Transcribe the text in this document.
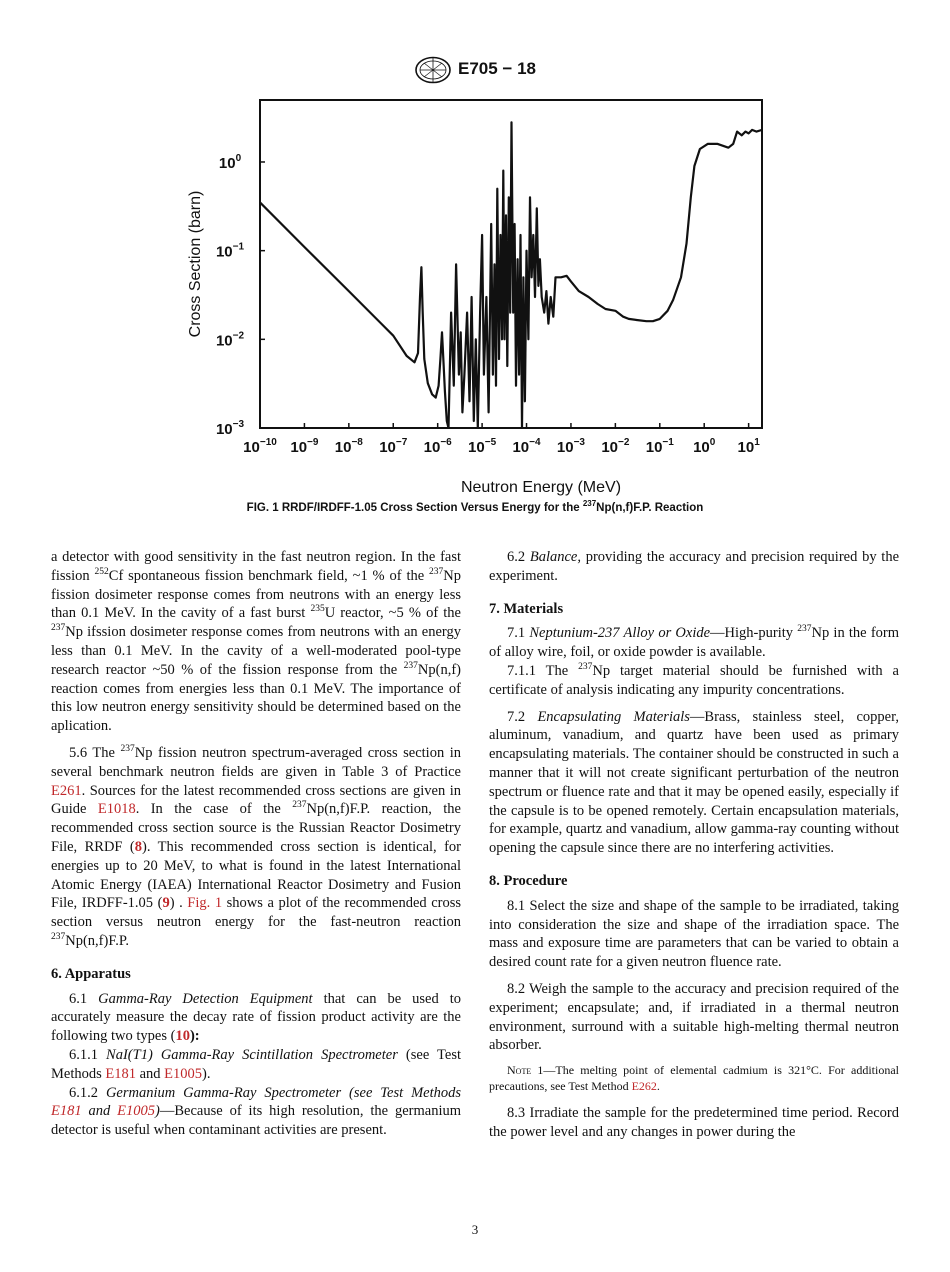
E705 − 18
$10^{-10}$ $10^{-9}$ $10^{-8}$ $10^{-7}$ $10^{-6}$ $10^{-5}$ $10^{-4}$ $10^{-3}$ $10^{-2}$ $10^{-1}$ $10^0$ $10^1$
$10^{-3}$
$10^{-2}$
$10^{-1}$
$10^0$
Neutron Energy (MeV)
Cross Section (barn)
FIG. 1 RRDF/IRDFF-1.05 Cross Section Versus Energy for the $^{237}$Np(n,f)F.P. Reaction

a detector with good sensitivity in the fast neutron region. In the fast fission $^{252}$Cf spontaneous fission benchmark field, ~1 % of the $^{237}$Np fission dosimeter response comes from neutrons with an energy less than 0.1 MeV. In the cavity of a fast burst $^{235}$U reactor, ~5 % of the $^{237}$Np ifssion dosimeter response comes from neutrons with an energy less than 0.1 MeV. In the cavity of a well-moderated pool-type research reactor ~50 % of the fission response from the $^{237}$Np(n,f) reaction comes from energies less than 0.1 MeV. The importance of this low neutron energy sensitivity should be determined based on the aplication.

5.6 The $^{237}$Np fission neutron spectrum-averaged cross section in several benchmark neutron fields are given in Table 3 of Practice E261. Sources for the latest recommended cross sections are given in Guide E1018. In the case of the $^{237}$Np(n,f)F.P. reaction, the recommended cross section source is the Russian Reactor Dosimetry File, RRDF (8). This recommended cross section is identical, for energies up to 20 MeV, to what is found in the latest International Atomic Energy (IAEA) International Reactor Dosimetry and Fusion File, IRDFF-1.05 (9) . Fig. 1 shows a plot of the recommended cross section versus neutron energy for the fast-neutron reaction $^{237}$Np(n,f)F.P.

6. Apparatus

6.1 Gamma-Ray Detection Equipment that can be used to accurately measure the decay rate of fission product activity are the following two types (10):

6.1.1 NaI(T1) Gamma-Ray Scintillation Spectrometer (see Test Methods E181 and E1005).

6.1.2 Germanium Gamma-Ray Spectrometer (see Test Methods E181 and E1005)—Because of its high resolution, the germanium detector is useful when contaminant activities are present.

6.2 Balance, providing the accuracy and precision required by the experiment.

7. Materials

7.1 Neptunium-237 Alloy or Oxide—High-purity $^{237}$Np in the form of alloy wire, foil, or oxide powder is available.

7.1.1 The $^{237}$Np target material should be furnished with a certificate of analysis indicating any impurity concentrations.

7.2 Encapsulating Materials—Brass, stainless steel, copper, aluminum, vanadium, and quartz have been used as primary encapsulating materials. The container should be constructed in such a manner that it will not create significant perturbation of the neutron spectrum or fluence rate and that it may be opened easily, especially if the capsule is to be opened remotely. Certain encapsulation materials, for example, quartz and vanadium, allow gamma-ray counting without opening the capsule since there are no interfering activities.

8. Procedure

8.1 Select the size and shape of the sample to be irradiated, taking into consideration the size and shape of the irradiation space. The mass and exposure time are parameters that can be varied to obtain a desired count rate for a given neutron fluence rate.

8.2 Weigh the sample to the accuracy and precision required of the experiment; encapsulate; and, if irradiated in a thermal neutron environment, surround with a suitable high-melting thermal neutron absorber.

Note 1—The melting point of elemental cadmium is 321°C. For additional precautions, see Test Method E262.

8.3 Irradiate the sample for the predetermined time period. Record the power level and any changes in power during the

3
